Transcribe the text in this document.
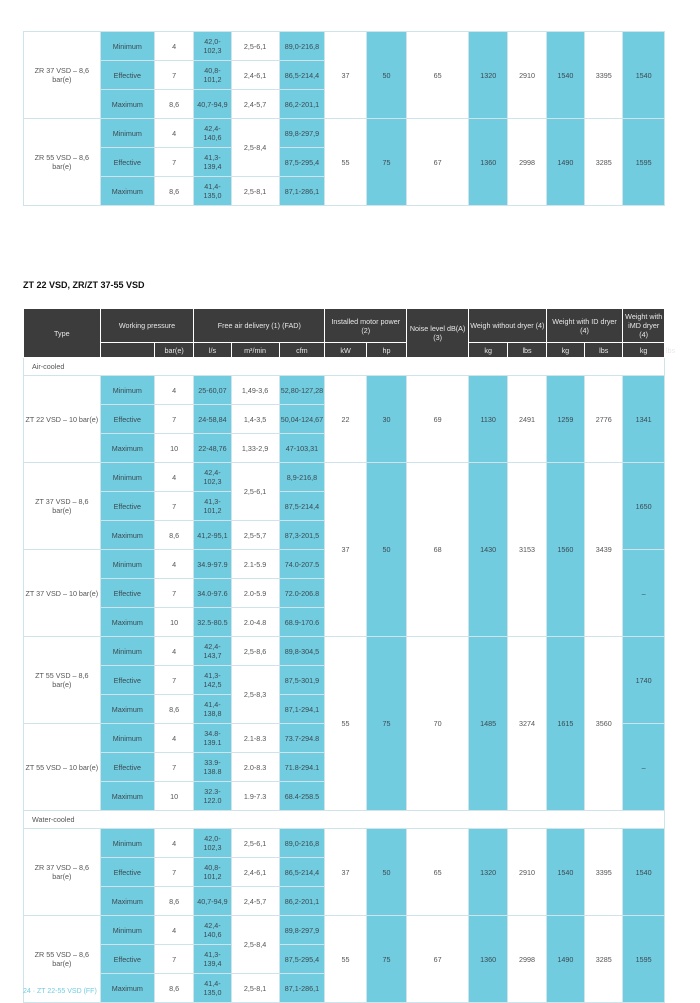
ZR 37 VSD – 8,6 bar(e)	Minimum	4	42,0-102,3	2,5-6,1	89,0-216,8	37	50	65	1320	2910	1540	3395	1540
	Effective	7	40,8-101,2	2,4-6,1	86,5-214,4								
	Maximum	8,6	40,7-94,9	2,4-5,7	86,2-201,1								
ZR 55 VSD – 8,6 bar(e)	Minimum	4	42,4-140,6	2,5-8,4	89,8-297,9	55	75	67	1360	2998	1490	3285	1595
	Effective	7	41,3-139,4		87,5-295,4								
	Maximum	8,6	41,4-135,0	2,5-8,1	87,1-286,1								
ZT 22 VSD, ZR/ZT 37-55 VSD
Type	Working pressure		Free air delivery (1) (FAD)			Installed motor power (2)		Noise level dB(A) (3)	Weigh without dryer (4)		Weight with ID dryer (4)		Weight with iMD dryer (4)	
		bar(e)	l/s	m³/min	cfm	kW	hp		kg	lbs	kg	lbs	kg	lbs
Air-cooled														
ZT 22 VSD – 10 bar(e)	Minimum	4	25-60,07	1,49-3,6	52,80-127,28	22	30	69	1130	2491	1259	2776	1341	
	Effective	7	24-58,84	1,4-3,5	50,04-124,67									
	Maximum	10	22-48,76	1,33-2,9	47-103,31									
ZT 37 VSD – 8,6 bar(e)	Minimum	4	42,4-102,3	2,5-6,1	8,9-216,8	37	50	68	1430	3153	1560	3439	1650	
	Effective	7	41,3-101,2		87,5-214,4									
	Maximum	8,6	41,2-95,1	2,5-5,7	87,3-201,5									
ZT 37 VSD – 10 bar(e)	Minimum	4	34.9-97.9	2.1-5.9	74.0-207.5								–	
	Effective	7	34.0-97.6	2.0-5.9	72.0-206.8									
	Maximum	10	32.5-80.5	2.0-4.8	68.9-170.6									
ZT 55 VSD – 8,6 bar(e)	Minimum	4	42,4-143,7	2,5-8,6	89,8-304,5	55	75	70	1485	3274	1615	3560	1740	
	Effective	7	41,3-142,5	2,5-8,3	87,5-301,9									
	Maximum	8,6	41,4-138,8		87,1-294,1									
ZT 55 VSD – 10 bar(e)	Minimum	4	34.8-139.1	2.1-8.3	73.7-294.8								–	
	Effective	7	33.9-138.8	2.0-8.3	71.8-294.1									
	Maximum	10	32.3-122.0	1.9-7.3	68.4-258.5									
Water-cooled														
ZR 37 VSD – 8,6 bar(e)	Minimum	4	42,0-102,3	2,5-6,1	89,0-216,8	37	50	65	1320	2910	1540	3395	1540	
	Effective	7	40,8-101,2	2,4-6,1	86,5-214,4									
	Maximum	8,6	40,7-94,9	2,4-5,7	86,2-201,1									
ZR 55 VSD – 8,6 bar(e)	Minimum	4	42,4-140,6	2,5-8,4	89,8-297,9	55	75	67	1360	2998	1490	3285	1595	
	Effective	7	41,3-139,4		87,5-295,4									
	Maximum	8,6	41,4-135,0	2,5-8,1	87,1-286,1									
24 · ZT 22-55 VSD (FF)
